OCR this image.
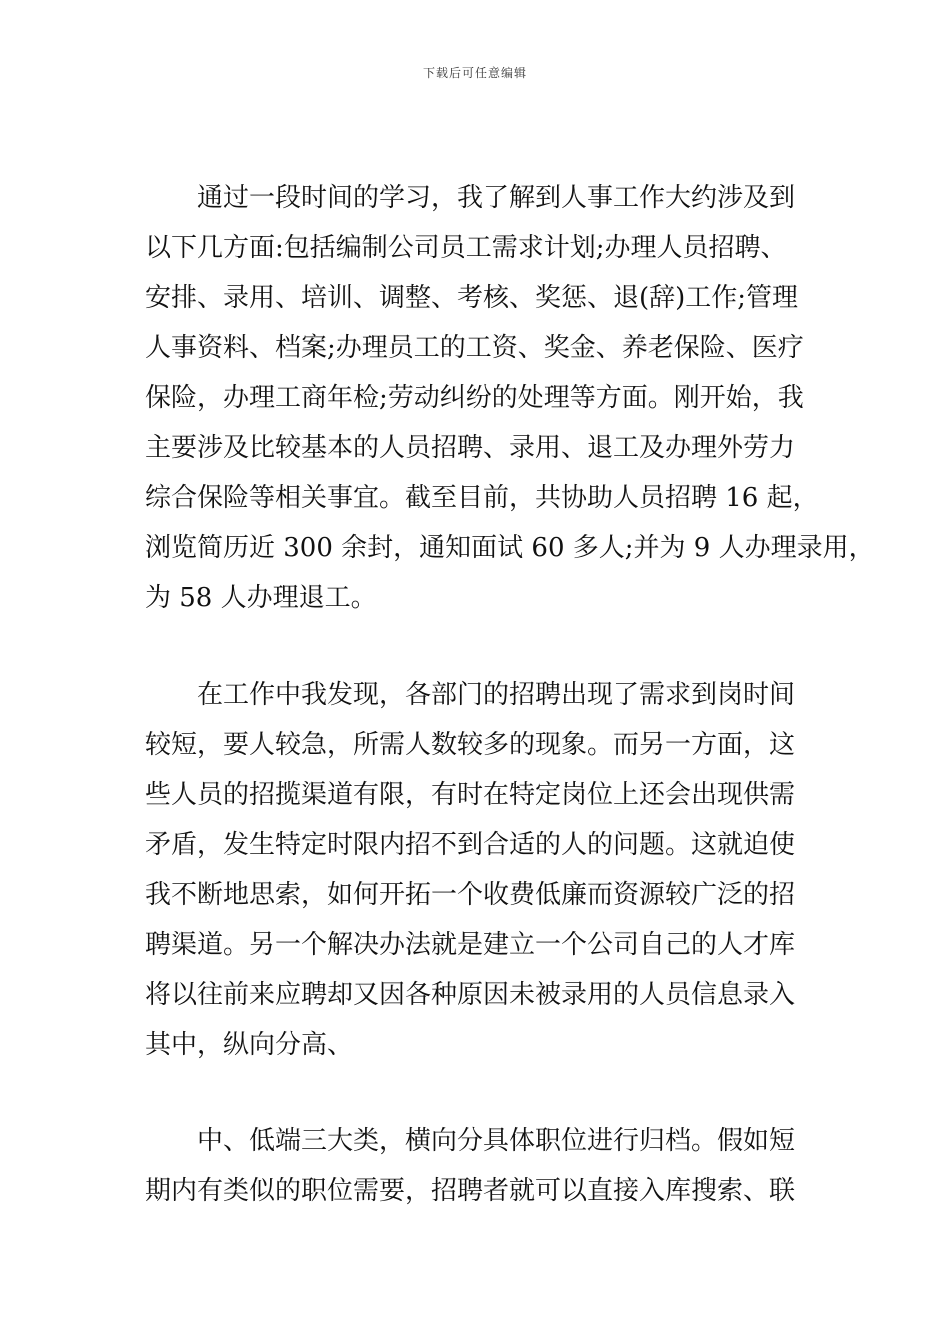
下载后可任意编辑
通过一段时间的学习，我了解到人事工作大约涉及到
以下几方面:包括编制公司员工需求计划;办理人员招聘、
安排、录用、培训、调整、考核、奖惩、退(辞)工作;管理
人事资料、档案;办理员工的工资、奖金、养老保险、医疗
保险，办理工商年检;劳动纠纷的处理等方面。刚开始，我
主要涉及比较基本的人员招聘、录用、退工及办理外劳力
综合保险等相关事宜。截至目前，共协助人员招聘 16 起，
浏览简历近 300 余封，通知面试 60 多人;并为 9 人办理录用，
为 58 人办理退工。
在工作中我发现，各部门的招聘出现了需求到岗时间
较短，要人较急，所需人数较多的现象。而另一方面，这
些人员的招揽渠道有限，有时在特定岗位上还会出现供需
矛盾，发生特定时限内招不到合适的人的问题。这就迫使
我不断地思索，如何开拓一个收费低廉而资源较广泛的招
聘渠道。另一个解决办法就是建立一个公司自己的人才库
将以往前来应聘却又因各种原因未被录用的人员信息录入
其中，纵向分高、
中、低端三大类，横向分具体职位进行归档。假如短
期内有类似的职位需要，招聘者就可以直接入库搜索、联
